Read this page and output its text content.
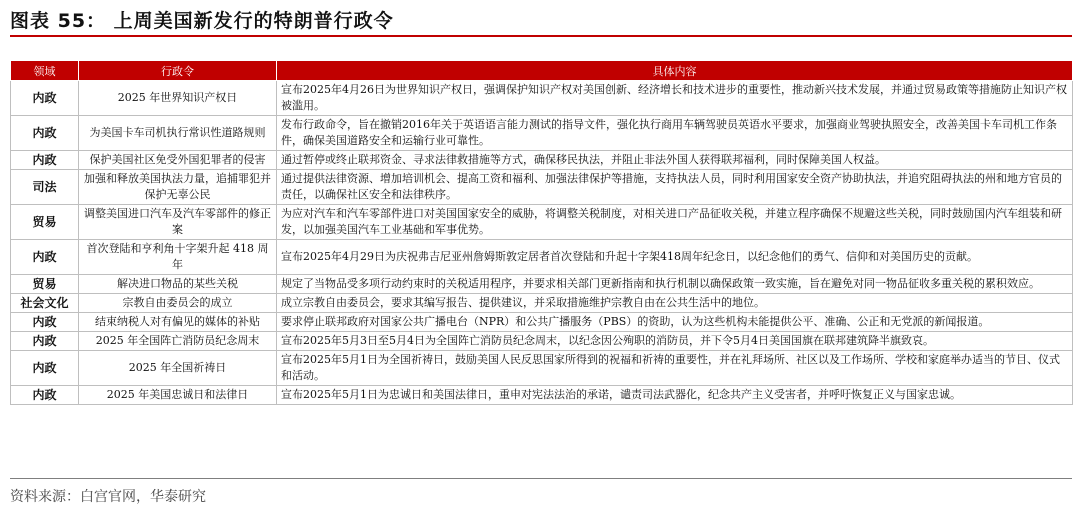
图表 55： 上周美国新发行的特朗普行政令
领域	行政令	具体内容
内政	2025 年世界知识产权日	宣布2025年4月26日为世界知识产权日，强调保护知识产权对美国创新、经济增长和技术进步的重要性，推动新兴技术发展，并通过贸易政策等措施防止知识产权被滥用。
内政	为美国卡车司机执行常识性道路规则	发布行政命令，旨在撤销2016年关于英语语言能力测试的指导文件，强化执行商用车辆驾驶员英语水平要求，加强商业驾驶执照安全，改善美国卡车司机工作条件，确保美国道路安全和运输行业可靠性。
内政	保护美国社区免受外国犯罪者的侵害	通过暂停或终止联邦资金、寻求法律救措施等方式，确保移民执法，并阻止非法外国人获得联邦福利，同时保障美国人权益。
司法	加强和释放美国执法力量，追捕罪犯并保护无辜公民	通过提供法律资源、增加培训机会、提高工资和福利、加强法律保护等措施，支持执法人员，同时利用国家安全资产协助执法，并追究阻碍执法的州和地方官员的责任，以确保社区安全和法律秩序。
贸易	调整美国进口汽车及汽车零部件的修正案	为应对汽车和汽车零部件进口对美国国家安全的威胁，将调整关税制度，对相关进口产品征收关税，并建立程序确保不规避这些关税，同时鼓励国内汽车组装和研发，以加强美国汽车工业基础和军事优势。
内政	首次登陆和亨利角十字架升起 418 周年	宣布2025年4月29日为庆祝弗吉尼亚州詹姆斯敦定居者首次登陆和升起十字架418周年纪念日，以纪念他们的勇气、信仰和对美国历史的贡献。
贸易	解决进口物品的某些关税	规定了当物品受多项行动约束时的关税适用程序，并要求相关部门更新指南和执行机制以确保政策一致实施，旨在避免对同一物品征收多重关税的累积效应。
社会文化	宗教自由委员会的成立	成立宗教自由委员会，要求其编写报告、提供建议，并采取措施维护宗教自由在公共生活中的地位。
内政	结束纳税人对有偏见的媒体的补贴	要求停止联邦政府对国家公共广播电台（NPR）和公共广播服务（PBS）的资助，认为这些机构未能提供公平、准确、公正和无党派的新闻报道。
内政	2025 年全国阵亡消防员纪念周末	宣布2025年5月3日至5月4日为全国阵亡消防员纪念周末，以纪念因公殉职的消防员，并下令5月4日美国国旗在联邦建筑降半旗致哀。
内政	2025 年全国祈祷日	宣布2025年5月1日为全国祈祷日，鼓励美国人民反思国家所得到的祝福和祈祷的重要性，并在礼拜场所、社区以及工作场所、学校和家庭举办适当的节目、仪式和活动。
内政	2025 年美国忠诚日和法律日	宣布2025年5月1日为忠诚日和美国法律日，重申对宪法法治的承诺，谴责司法武器化，纪念共产主义受害者，并呼吁恢复正义与国家忠诚。
资料来源：白宫官网，华泰研究
